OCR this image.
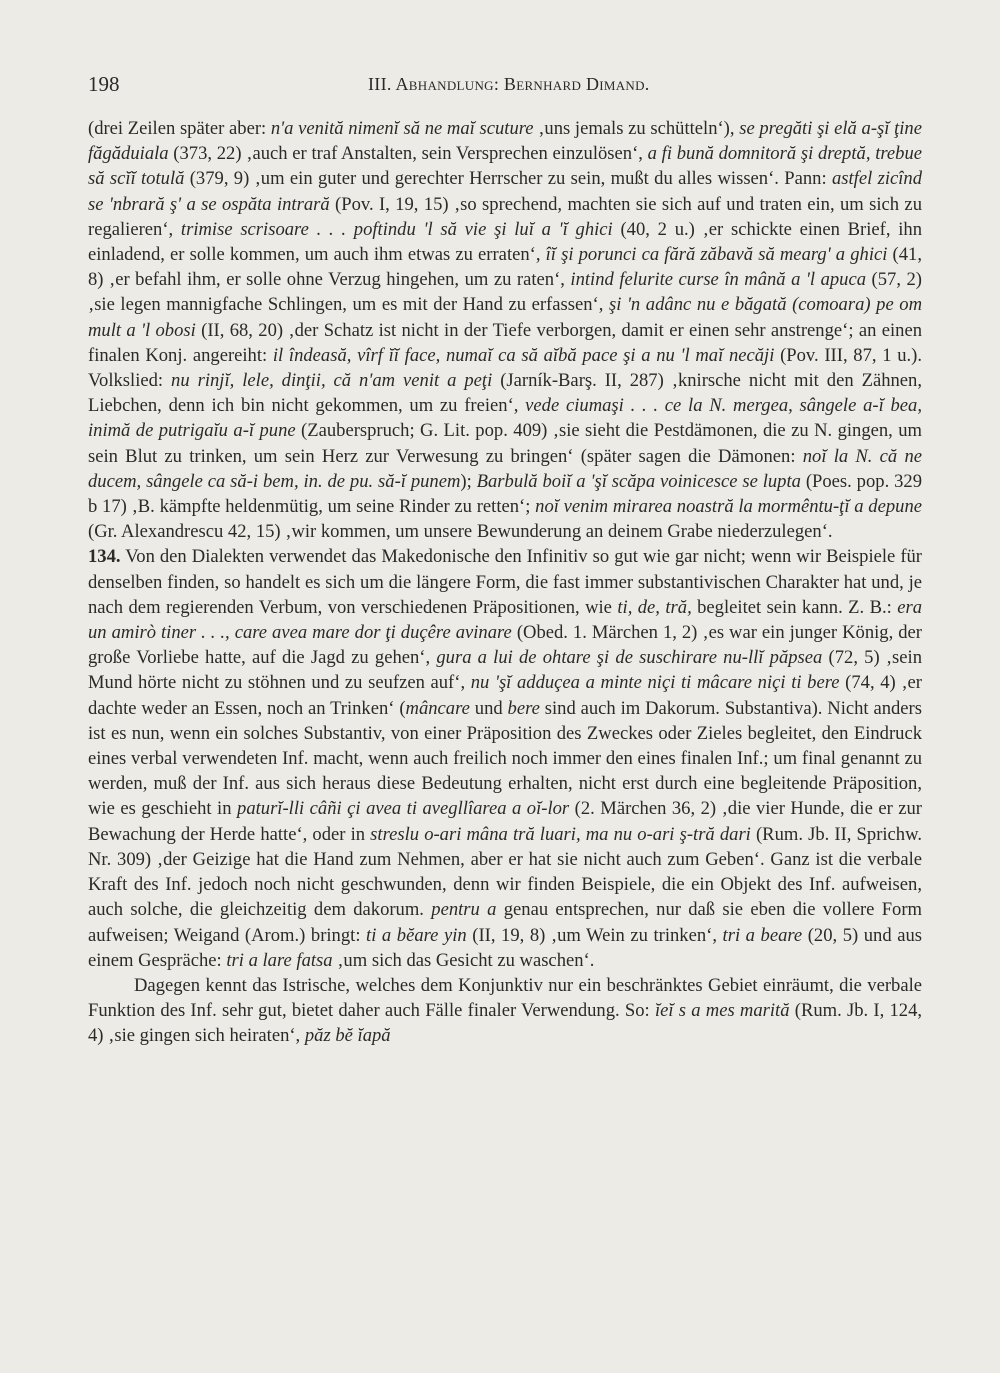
198	III. Abhandlung: Bernhard Dimand.

(drei Zeilen später aber: n'a venită nimenĭ să ne maĭ scuture ‚uns jemals zu schütteln‘), se pregăti şi elă a-şĭ ţine făgăduiala (373, 22) ‚auch er traf Anstalten, sein Versprechen einzulösen‘, a fi bună domnitoră şi dreptă, trebue să scĭĭ totulă (379, 9) ‚um ein guter und gerechter Herrscher zu sein, mußt du alles wissen‘. Pann: astfel zicînd se 'nbrară ş' a se ospăta intrară (Pov. I, 19, 15) ‚so sprechend, machten sie sich auf und traten ein, um sich zu regalieren‘, trimise scrisoare . . . poftindu 'l să vie şi luĭ a 'ĭ ghici (40, 2 u.) ‚er schickte einen Brief, ihn einladend, er solle kommen, um auch ihm etwas zu erraten‘, îĭ şi porunci ca fără zăbavă să mearg' a ghici (41, 8) ‚er befahl ihm, er solle ohne Verzug hingehen, um zu raten‘, intind felurite curse în mână a 'l apuca (57, 2) ‚sie legen mannigfache Schlingen, um es mit der Hand zu erfassen‘, şi 'n adânc nu e băgată (comoara) pe om mult a 'l obosi (II, 68, 20) ‚der Schatz ist nicht in der Tiefe verborgen, damit er einen sehr anstrenge‘; an einen finalen Konj. angereiht: il îndeasă, vîrf ĭĭ face, numaĭ ca să aĭbă pace şi a nu 'l maĭ necăji (Pov. III, 87, 1 u.). Volkslied: nu rinjĭ, lele, dinţii, că n'am venit a peţi (Jarník-Barş. II, 287) ‚knirsche nicht mit den Zähnen, Liebchen, denn ich bin nicht gekommen, um zu freien‘, vede ciumaşi . . . ce la N. mergea, sângele a-ĭ bea, inimă de putrigaĭu a-ĭ pune (Zauberspruch; G. Lit. pop. 409) ‚sie sieht die Pestdämonen, die zu N. gingen, um sein Blut zu trinken, um sein Herz zur Verwesung zu bringen‘ (später sagen die Dämonen: noĭ la N. că ne ducem, sângele ca să-i bem, in. de pu. să-ĭ punem); Barbulă boiĭ a 'şĭ scăpa voinicesce se lupta (Poes. pop. 329 b 17) ‚B. kämpfte heldenmütig, um seine Rinder zu retten‘; noĭ venim mirarea noastră la mormêntu-ţĭ a depune (Gr. Alexandrescu 42, 15) ‚wir kommen, um unsere Bewunderung an deinem Grabe niederzulegen‘.

134. Von den Dialekten verwendet das Makedonische den Infinitiv so gut wie gar nicht; wenn wir Beispiele für denselben finden, so handelt es sich um die längere Form, die fast immer substantivischen Charakter hat und, je nach dem regierenden Verbum, von verschiedenen Präpositionen, wie ti, de, tră, begleitet sein kann. Z. B.: era un amirò tiner . . ., care avea mare dor ţi duçêre avinare (Obed. 1. Märchen 1, 2) ‚es war ein junger König, der große Vorliebe hatte, auf die Jagd zu gehen‘, gura a lui de ohtare şi de suschirare nu-llĭ păpsea (72, 5) ‚sein Mund hörte nicht zu stöhnen und zu seufzen auf‘, nu 'şĭ adduçea a minte niçi ti mâcare niçi ti bere (74, 4) ‚er dachte weder an Essen, noch an Trinken‘ (mâncare und bere sind auch im Dakorum. Substantiva). Nicht anders ist es nun, wenn ein solches Substantiv, von einer Präposition des Zweckes oder Zieles begleitet, den Eindruck eines verbal verwendeten Inf. macht, wenn auch freilich noch immer den eines finalen Inf.; um final genannt zu werden, muß der Inf. aus sich heraus diese Bedeutung erhalten, nicht erst durch eine begleitende Präposition, wie es geschieht in paturĭ-lli câñi çi avea ti avegllîarea a oĭ-lor (2. Märchen 36, 2) ‚die vier Hunde, die er zur Bewachung der Herde hatte‘, oder in streslu o-ari mâna tră luari, ma nu o-ari ş-tră dari (Rum. Jb. II, Sprichw. Nr. 309) ‚der Geizige hat die Hand zum Nehmen, aber er hat sie nicht auch zum Geben‘. Ganz ist die verbale Kraft des Inf. jedoch noch nicht geschwunden, denn wir finden Beispiele, die ein Objekt des Inf. aufweisen, auch solche, die gleichzeitig dem dakorum. pentru a genau entsprechen, nur daß sie eben die vollere Form aufweisen; Weigand (Arom.) bringt: ti a bĕare yin (II, 19, 8) ‚um Wein zu trinken‘, tri a beare (20, 5) und aus einem Gespräche: tri a lare fatsa ‚um sich das Gesicht zu waschen‘.

Dagegen kennt das Istrische, welches dem Konjunktiv nur ein beschränktes Gebiet einräumt, die verbale Funktion des Inf. sehr gut, bietet daher auch Fälle finaler Verwendung. So: ĭeĭ s a mes marită (Rum. Jb. I, 124, 4) ‚sie gingen sich heiraten‘, păz bĕ ĭapă
